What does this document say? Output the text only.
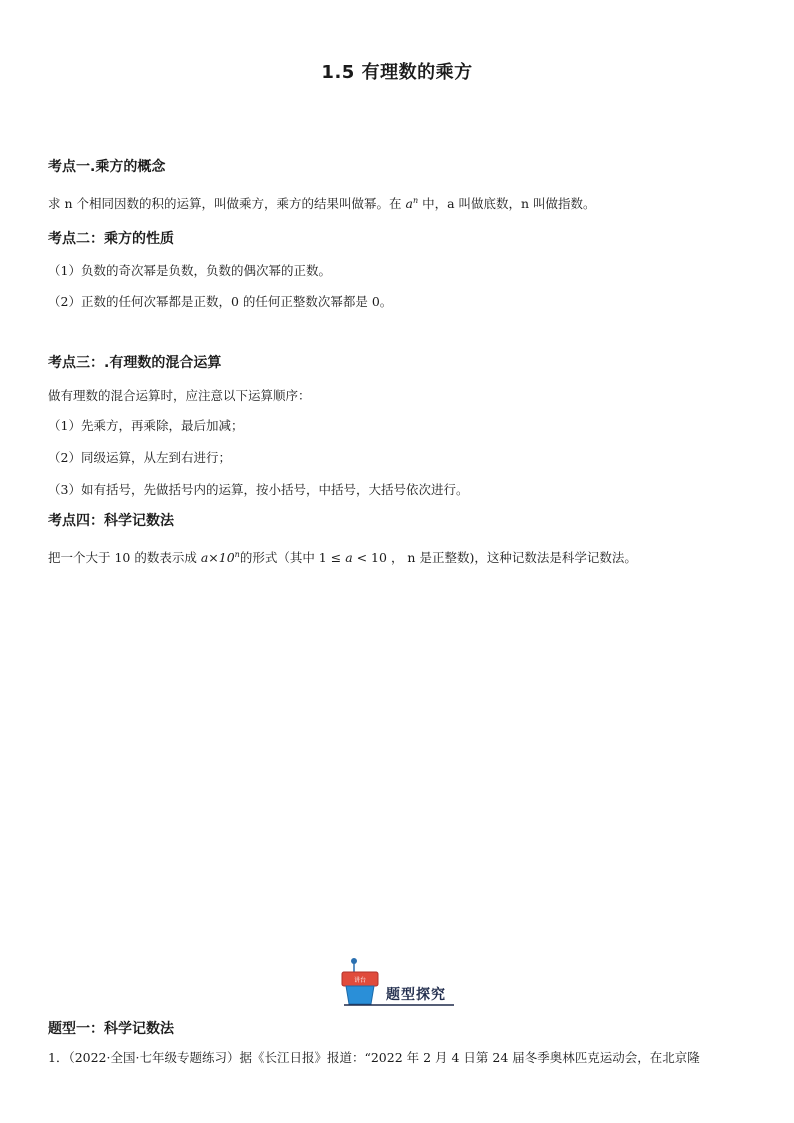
1.5 有理数的乘方
考点一.乘方的概念
求 n 个相同因数的积的运算，叫做乘方，乘方的结果叫做幂。在 $a^n$ 中，a 叫做底数，n 叫做指数。
考点二：乘方的性质
（1）负数的奇次幂是负数，负数的偶次幂的正数。
（2）正数的任何次幂都是正数，0 的任何正整数次幂都是 0。
考点三：.有理数的混合运算
做有理数的混合运算时，应注意以下运算顺序：
（1）先乘方，再乘除，最后加减；
（2）同级运算，从左到右进行；
（3）如有括号，先做括号内的运算，按小括号，中括号，大括号依次进行。
考点四：科学记数法
把一个大于 10 的数表示成 $a\times 10^n$的形式（其中 1 ≤ a < 10 ， n 是正整数)，这种记数法是科学记数法。
讲台
题型探究
题型一：科学记数法
1．（2022·全国·七年级专题练习）据《长江日报》报道：“2022 年 2 月 4 日第 24 届冬季奥林匹克运动会，在北京隆
